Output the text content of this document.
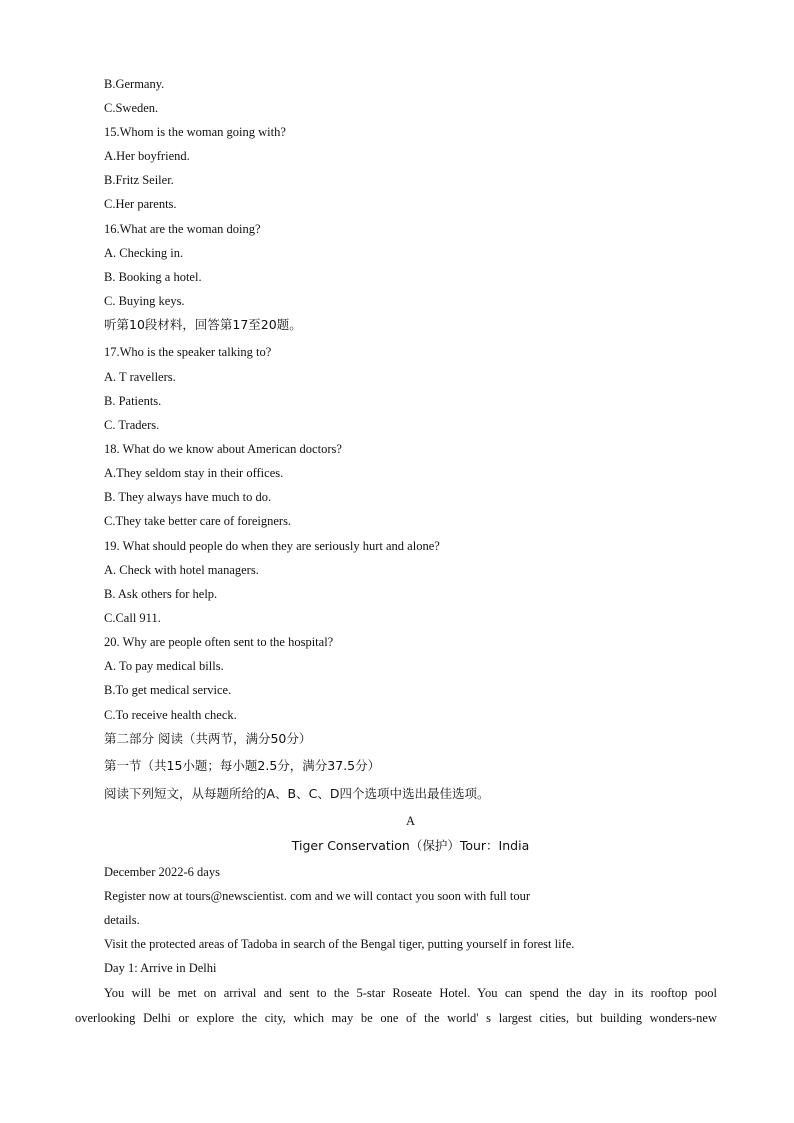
B.Germany.
C.Sweden.
15.Whom is the woman going with?
A.Her boyfriend.
B.Fritz Seiler.
C.Her parents.
16.What are the woman doing?
A. Checking in.
B. Booking a hotel.
C. Buying keys.
听第10段材料，回答第17至20题。
17.Who is the speaker talking to?
A. T ravellers.
B. Patients.
C. Traders.
18. What do we know about American doctors?
A.They seldom stay in their offices.
B. They always have much to do.
C.They take better care of foreigners.
19. What should people do when they are seriously hurt and alone?
A. Check with hotel managers.
B. Ask others for help.
C.Call 911.
20. Why are people often sent to the hospital?
A. To pay medical bills.
B.To get medical service.
C.To receive health check.
第二部分 阅读（共两节，满分50分）
第一节（共15小题；每小题2.5分，满分37.5分）
阅读下列短文，从每题所给的A、B、C、D四个选项中选出最佳选项。
A
Tiger Conservation（保护）Tour：India
December 2022-6 days
Register now at tours@newscientist. com and we will contact you soon with full tour
details.
Visit the protected areas of Tadoba in search of the Bengal tiger, putting yourself in forest life.
Day 1: Arrive in Delhi
You will be met on arrival and sent to the 5-star Roseate Hotel. You can spend the day in its rooftop pool
overlooking Delhi or explore the city, which may be one of the world' s largest cities, but building wonders-new
